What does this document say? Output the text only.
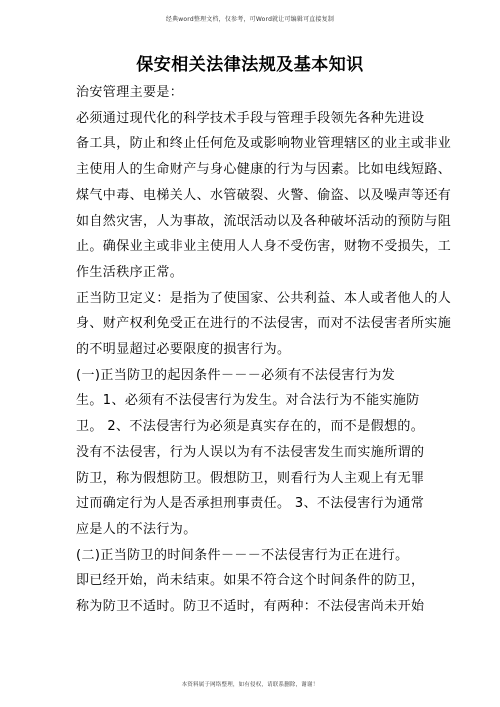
经典word整理文档，仅参考，可Word就让可编辑可直接复制
保安相关法律法规及基本知识

治安管理主要是：

必须通过现代化的科学技术手段与管理手段领先各种先进设

备工具，防止和终止任何危及或影响物业管理辖区的业主或非业

主使用人的生命财产与身心健康的行为与因素。比如电线短路、

煤气中毒、电梯关人、水管破裂、火警、偷盗、以及噪声等还有

如自然灾害，人为事故，流氓活动以及各种破坏活动的预防与阻

止。确保业主或非业主使用人人身不受伤害，财物不受损失，工

作生活秩序正常。

正当防卫定义：是指为了使国家、公共利益、本人或者他人的人

身、财产权利免受正在进行的不法侵害，而对不法侵害者所实施

的不明显超过必要限度的损害行为。

(一)正当防卫的起因条件－－－必须有不法侵害行为发

生。1、必须有不法侵害行为发生。对合法行为不能实施防

卫。 2、不法侵害行为必须是真实存在的，而不是假想的。

没有不法侵害，行为人误以为有不法侵害发生而实施所谓的

防卫，称为假想防卫。假想防卫，则看行为人主观上有无罪

过而确定行为人是否承担刑事责任。 3、不法侵害行为通常

应是人的不法行为。

(二)正当防卫的时间条件－－－不法侵害行为正在进行。

即已经开始，尚未结束。如果不符合这个时间条件的防卫，

称为防卫不适时。防卫不适时，有两种：不法侵害尚未开始

本资料属于网络整理，如有侵权，请联系删除，谢谢！
